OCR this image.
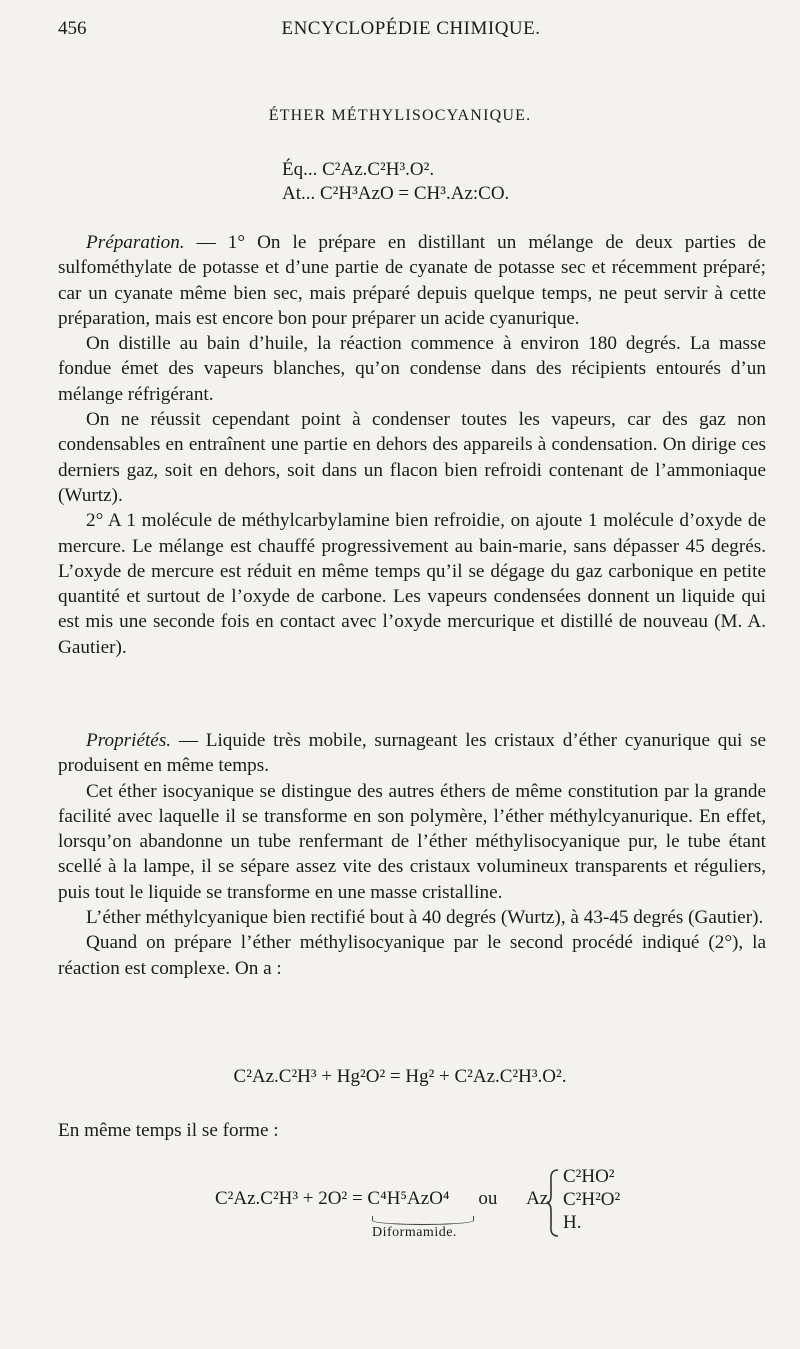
456	ENCYCLOPÉDIE CHIMIQUE.
ÉTHER MÉTHYLISOCYANIQUE.
Éq... C²Az.C²H³.O².
At... C²H³AzO = CH³.Az:CO.

Préparation. — 1° On le prépare en distillant un mélange de deux parties de sulfométhylate de potasse et d’une partie de cyanate de potasse sec et récemment préparé; car un cyanate même bien sec, mais préparé depuis quelque temps, ne peut servir à cette préparation, mais est encore bon pour préparer un acide cyanurique.

On distille au bain d’huile, la réaction commence à environ 180 degrés. La masse fondue émet des vapeurs blanches, qu’on condense dans des récipients entourés d’un mélange réfrigérant.

On ne réussit cependant point à condenser toutes les vapeurs, car des gaz non condensables en entraînent une partie en dehors des appareils à condensation. On dirige ces derniers gaz, soit en dehors, soit dans un flacon bien refroidi contenant de l’ammoniaque (Wurtz).

2° A 1 molécule de méthylcarbylamine bien refroidie, on ajoute 1 molécule d’oxyde de mercure. Le mélange est chauffé progressivement au bain-marie, sans dépasser 45 degrés. L’oxyde de mercure est réduit en même temps qu’il se dégage du gaz carbonique en petite quantité et surtout de l’oxyde de carbone. Les vapeurs condensées donnent un liquide qui est mis une seconde fois en contact avec l’oxyde mercurique et distillé de nouveau (M. A. Gautier).

Propriétés. — Liquide très mobile, surnageant les cristaux d’éther cyanurique qui se produisent en même temps.

Cet éther isocyanique se distingue des autres éthers de même constitution par la grande facilité avec laquelle il se transforme en son polymère, l’éther méthylcyanurique. En effet, lorsqu’on abandonne un tube renfermant de l’éther méthylisocyanique pur, le tube étant scellé à la lampe, il se sépare assez vite des cristaux volumineux transparents et réguliers, puis tout le liquide se transforme en une masse cristalline.

L’éther méthylcyanique bien rectifié bout à 40 degrés (Wurtz), à 43-45 degrés (Gautier).

Quand on prépare l’éther méthylisocyanique par le second procédé indiqué (2°), la réaction est complexe. On a :

C²Az.C²H³ + Hg²O² = Hg² + C²Az.C²H³.O².

En même temps il se forme :

C²Az.C²H³ + 2O² = C⁴H⁵AzO⁴ ou Az
Diformamide.
C²HO²
C²H²O²
H.
